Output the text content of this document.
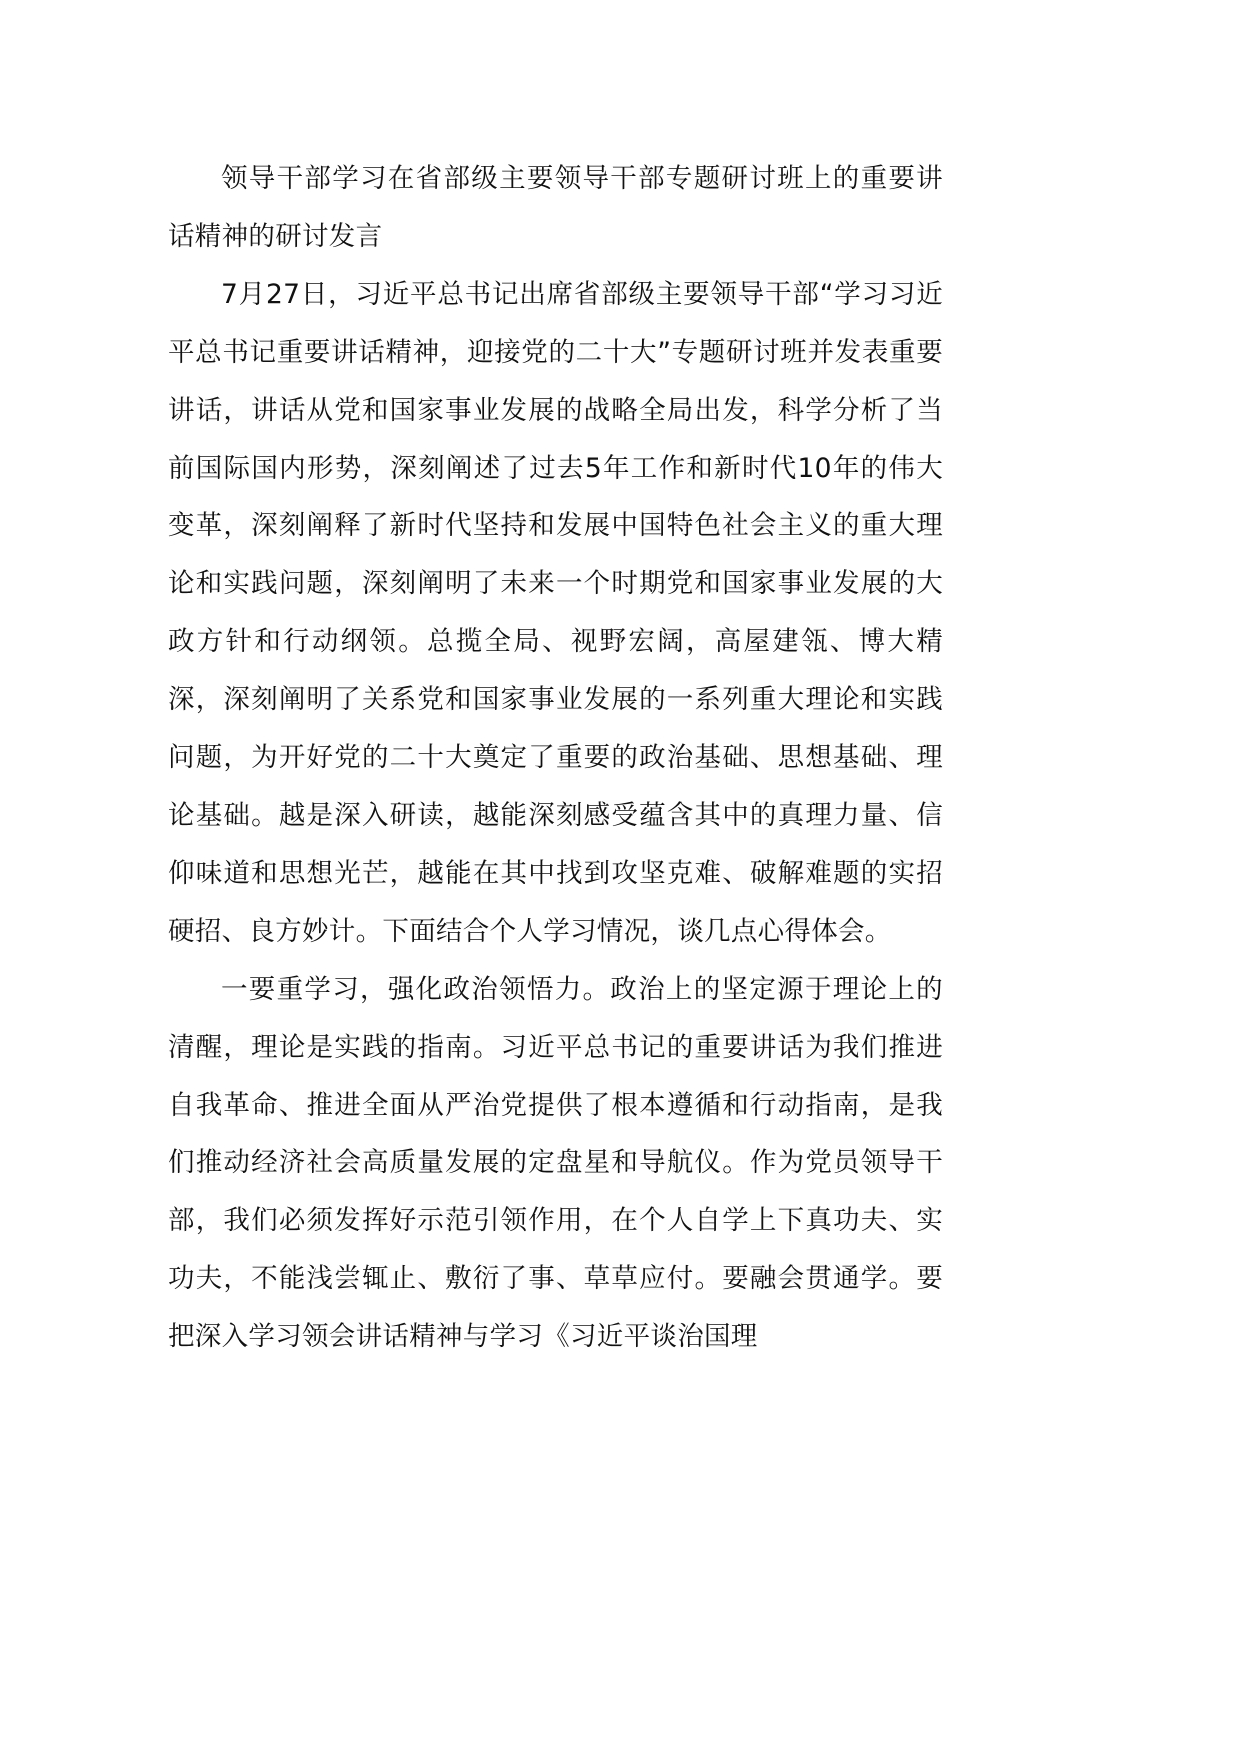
领导干部学习在省部级主要领导干部专题研讨班上的重要讲话精神的研讨发言

7月27日，习近平总书记出席省部级主要领导干部“学习习近平总书记重要讲话精神，迎接党的二十大”专题研讨班并发表重要讲话，讲话从党和国家事业发展的战略全局出发，科学分析了当前国际国内形势，深刻阐述了过去5年工作和新时代10年的伟大变革，深刻阐释了新时代坚持和发展中国特色社会主义的重大理论和实践问题，深刻阐明了未来一个时期党和国家事业发展的大政方针和行动纲领。总揽全局、视野宏阔，高屋建瓴、博大精深，深刻阐明了关系党和国家事业发展的一系列重大理论和实践问题，为开好党的二十大奠定了重要的政治基础、思想基础、理论基础。越是深入研读，越能深刻感受蕴含其中的真理力量、信仰味道和思想光芒，越能在其中找到攻坚克难、破解难题的实招硬招、良方妙计。下面结合个人学习情况，谈几点心得体会。

一要重学习，强化政治领悟力。政治上的坚定源于理论上的清醒，理论是实践的指南。习近平总书记的重要讲话为我们推进自我革命、推进全面从严治党提供了根本遵循和行动指南，是我们推动经济社会高质量发展的定盘星和导航仪。作为党员领导干部，我们必须发挥好示范引领作用，在个人自学上下真功夫、实功夫，不能浅尝辄止、敷衍了事、草草应付。要融会贯通学。要把深入学习领会讲话精神与学习《习近平谈治国理
